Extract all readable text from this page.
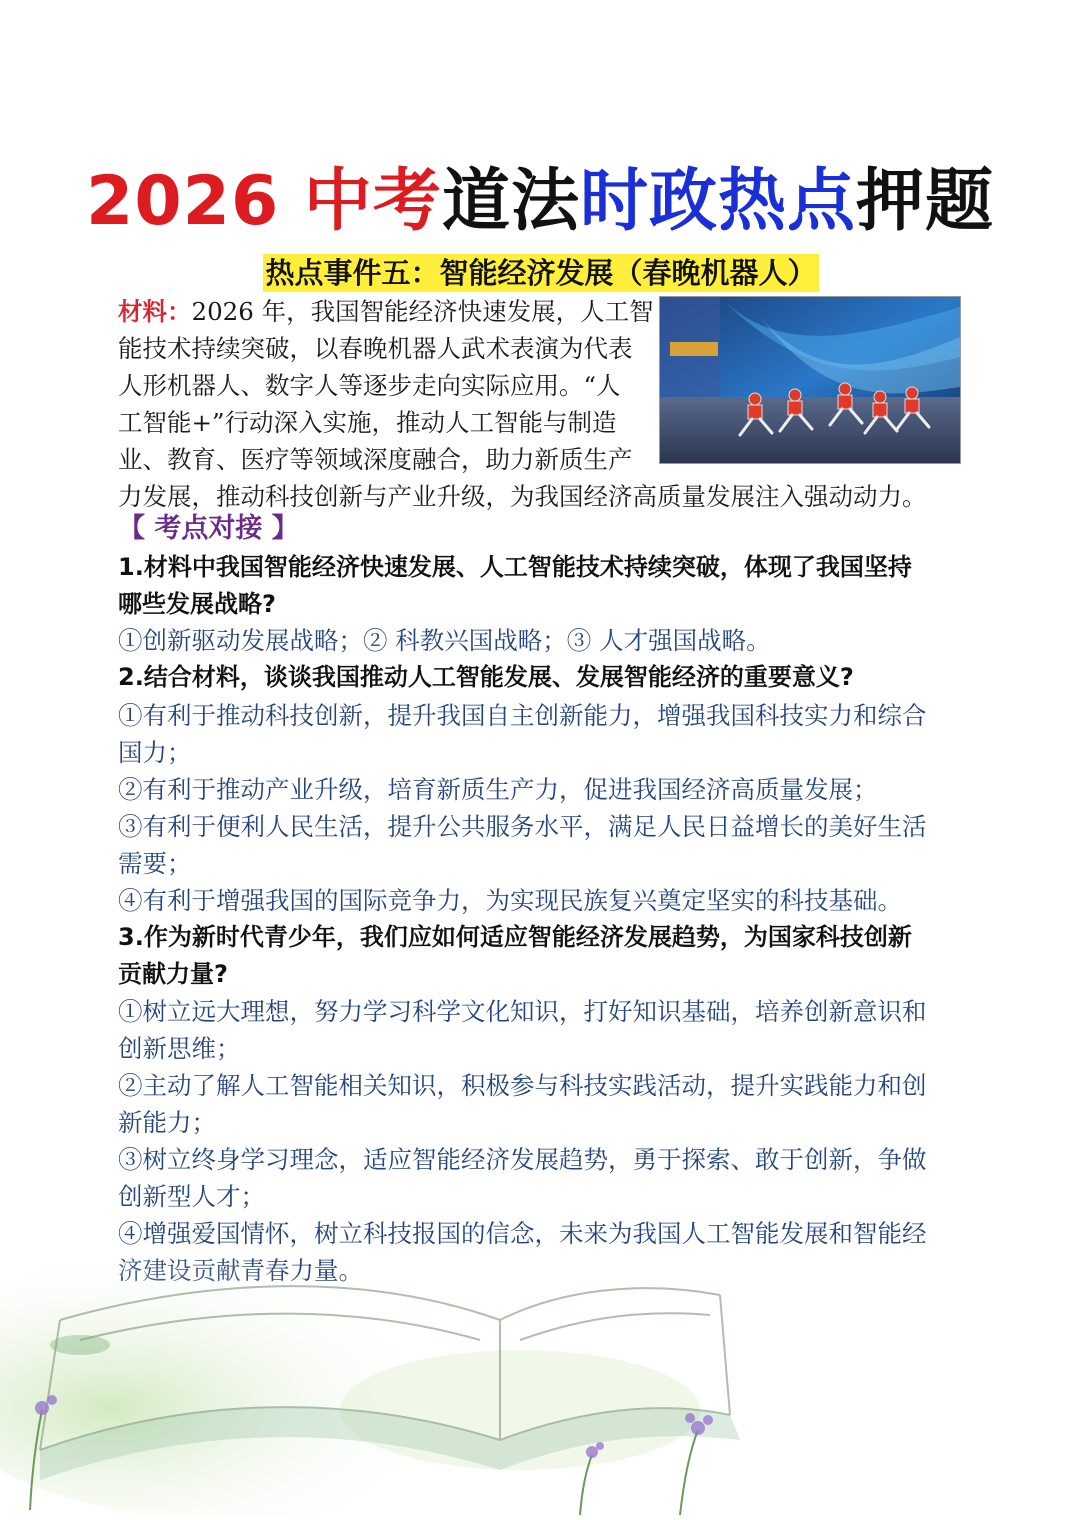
2026 中考道法时政热点押题
热点事件五：智能经济发展（春晚机器人）
材料：2026 年，我国智能经济快速发展，人工智
能技术持续突破，以春晚机器人武术表演为代表
人形机器人、数字人等逐步走向实际应用。“人
工智能+”行动深入实施，推动人工智能与制造
业、教育、医疗等领域深度融合，助力新质生产
力发展，推动科技创新与产业升级，为我国经济高质量发展注入强动动力。
【 考点对接 】
1.材料中我国智能经济快速发展、人工智能技术持续突破，体现了我国坚持
哪些发展战略?
①创新驱动发展战略；② 科教兴国战略；③ 人才强国战略。
2.结合材料，谈谈我国推动人工智能发展、发展智能经济的重要意义?
①有利于推动科技创新，提升我国自主创新能力，增强我国科技实力和综合
国力；
②有利于推动产业升级，培育新质生产力，促进我国经济高质量发展；
③有利于便利人民生活，提升公共服务水平，满足人民日益增长的美好生活
需要；
④有利于增强我国的国际竞争力，为实现民族复兴奠定坚实的科技基础。
3.作为新时代青少年，我们应如何适应智能经济发展趋势，为国家科技创新
贡献力量?
①树立远大理想，努力学习科学文化知识，打好知识基础，培养创新意识和
创新思维；
②主动了解人工智能相关知识，积极参与科技实践活动，提升实践能力和创
新能力；
③树立终身学习理念，适应智能经济发展趋势，勇于探索、敢于创新，争做
创新型人才；
④增强爱国情怀，树立科技报国的信念，未来为我国人工智能发展和智能经
